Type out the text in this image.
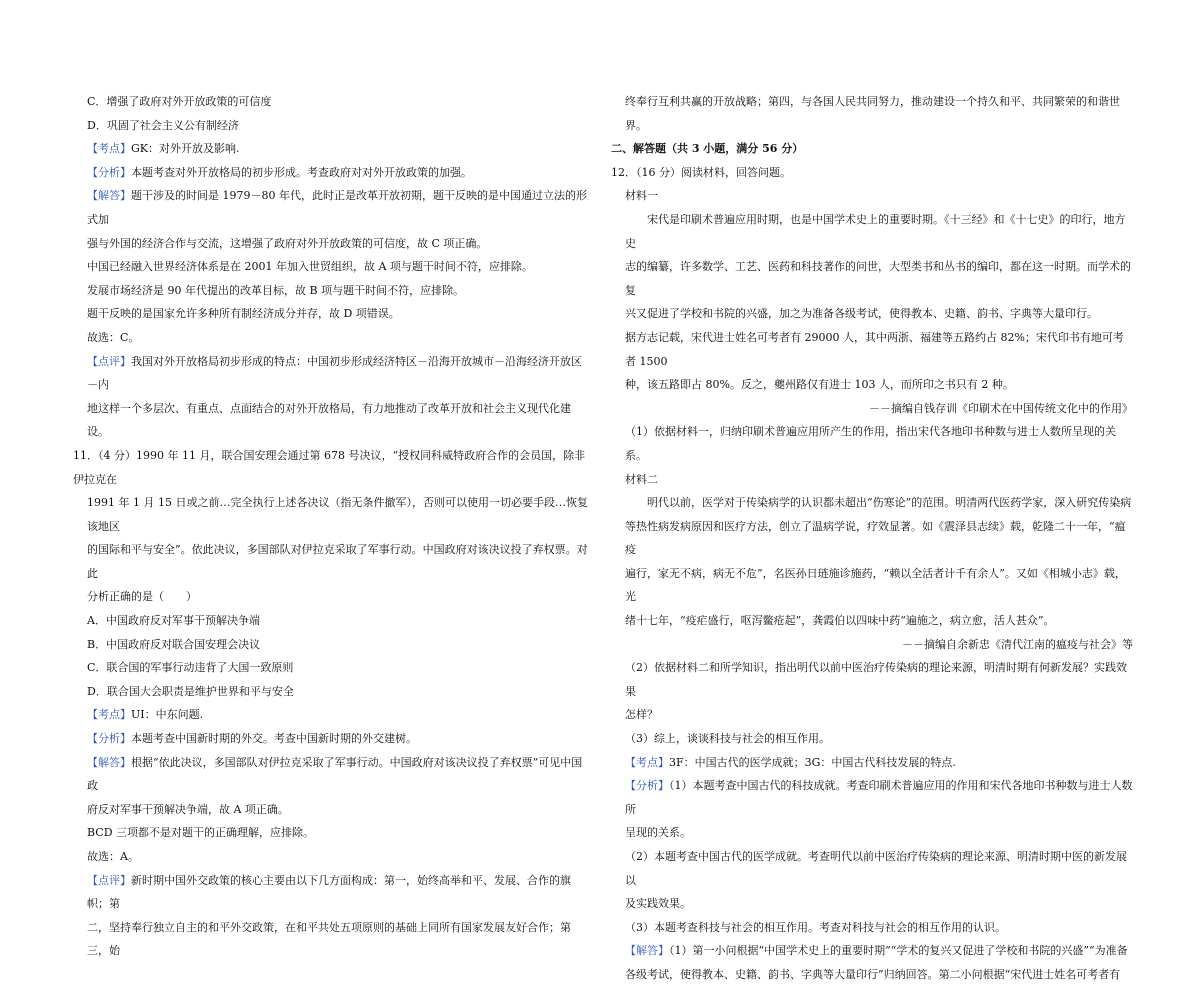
C．增强了政府对外开放政策的可信度

D．巩固了社会主义公有制经济

【考点】GK：对外开放及影响.

【分析】本题考查对外开放格局的初步形成。考查政府对对外开放政策的加强。

【解答】题干涉及的时间是 1979－80 年代，此时正是改革开放初期，题干反映的是中国通过立法的形式加

强与外国的经济合作与交流，这增强了政府对外开放政策的可信度，故 C 项正确。

中国已经融入世界经济体系是在 2001 年加入世贸组织，故 A 项与题干时间不符，应排除。

发展市场经济是 90 年代提出的改革目标，故 B 项与题干时间不符，应排除。

题干反映的是国家允许多种所有制经济成分并存，故 D 项错误。

故选：C。

【点评】我国对外开放格局初步形成的特点：中国初步形成经济特区－沿海开放城市－沿海经济开放区－内

地这样一个多层次、有重点、点面结合的对外开放格局，有力地推动了改革开放和社会主义现代化建设。

11．（4 分）1990 年 11 月，联合国安理会通过第 678 号决议，“授权同科威特政府合作的会员国，除非伊拉克在

1991 年 1 月 15 日或之前…完全执行上述各决议（指无条件撤军），否则可以使用一切必要手段…恢复该地区

的国际和平与安全”。依此决议，多国部队对伊拉克采取了军事行动。中国政府对该决议投了弃权票。对此

分析正确的是（　　）

A．中国政府反对军事干预解决争端

B．中国政府反对联合国安理会决议

C．联合国的军事行动违背了大国一致原则

D．联合国大会职责是维护世界和平与安全

【考点】UI：中东问题.

【分析】本题考查中国新时期的外交。考查中国新时期的外交建树。

【解答】根据“依此决议，多国部队对伊拉克采取了军事行动。中国政府对该决议投了弃权票”可见中国政

府反对军事干预解决争端，故 A 项正确。

BCD 三项都不是对题干的正确理解，应排除。

故选：A。

【点评】新时期中国外交政策的核心主要由以下几方面构成：第一，始终高举和平、发展、合作的旗帜；第

二，坚持奉行独立自主的和平外交政策，在和平共处五项原则的基础上同所有国家发展友好合作；第三，始

终奉行互利共赢的开放战略；第四，与各国人民共同努力，推动建设一个持久和平、共同繁荣的和谐世界。

二、解答题（共 3 小题，满分 56 分）

12．（16 分）阅读材料，回答问题。

材料一

宋代是印刷术普遍应用时期，也是中国学术史上的重要时期。《十三经》和《十七史》的印行，地方史

志的编纂，许多数学、工艺、医药和科技著作的问世，大型类书和丛书的编印，都在这一时期。而学术的复

兴又促进了学校和书院的兴盛，加之为准备各级考试，使得教本、史籍、韵书、字典等大量印行。

据方志记载，宋代进士姓名可考者有 29000 人，其中两浙、福建等五路约占 82%；宋代印书有地可考者 1500

种，该五路即占 80%。反之，夔州路仅有进士 103 人，而所印之书只有 2 种。

－－摘编自钱存训《印刷术在中国传统文化中的作用》

（1）依据材料一，归纳印刷术普遍应用所产生的作用，指出宋代各地印书种数与进士人数所呈现的关系。

材料二

明代以前，医学对于传染病学的认识都未超出“伤寒论”的范围。明清两代医药学家，深入研究传染病

等热性病发病原因和医疗方法，创立了温病学说，疗效显著。如《震泽县志续》载，乾隆二十一年，“瘟疫

遍行，家无不病，病无不危”，名医孙日琏施诊施药，“赖以全活者计千有余人”。又如《相城小志》载，光

绪十七年，“疫疟盛行，呕泻鳖疮起”，龚霞伯以四味中药“遍施之，病立愈，活人甚众”。

－－摘编自余新忠《清代江南的瘟疫与社会》等

（2）依据材料二和所学知识，指出明代以前中医治疗传染病的理论来源，明清时期有何新发展？实践效果

怎样？

（3）综上，谈谈科技与社会的相互作用。

【考点】3F：中国古代的医学成就；3G：中国古代科技发展的特点.

【分析】（1）本题考查中国古代的科技成就。考查印刷术普遍应用的作用和宋代各地印书种数与进士人数所

呈现的关系。

（2）本题考查中国古代的医学成就。考查明代以前中医治疗传染病的理论来源、明清时期中医的新发展以

及实践效果。

（3）本题考查科技与社会的相互作用。考查对科技与社会的相互作用的认识。

【解答】（1）第一小问根据“中国学术史上的重要时期”“学术的复兴又促进了学校和书院的兴盛”“为准备

各级考试，使得教本、史籍、韵书、字典等大量印行”归纳回答。第二小问根据“宋代进士姓名可考者有
